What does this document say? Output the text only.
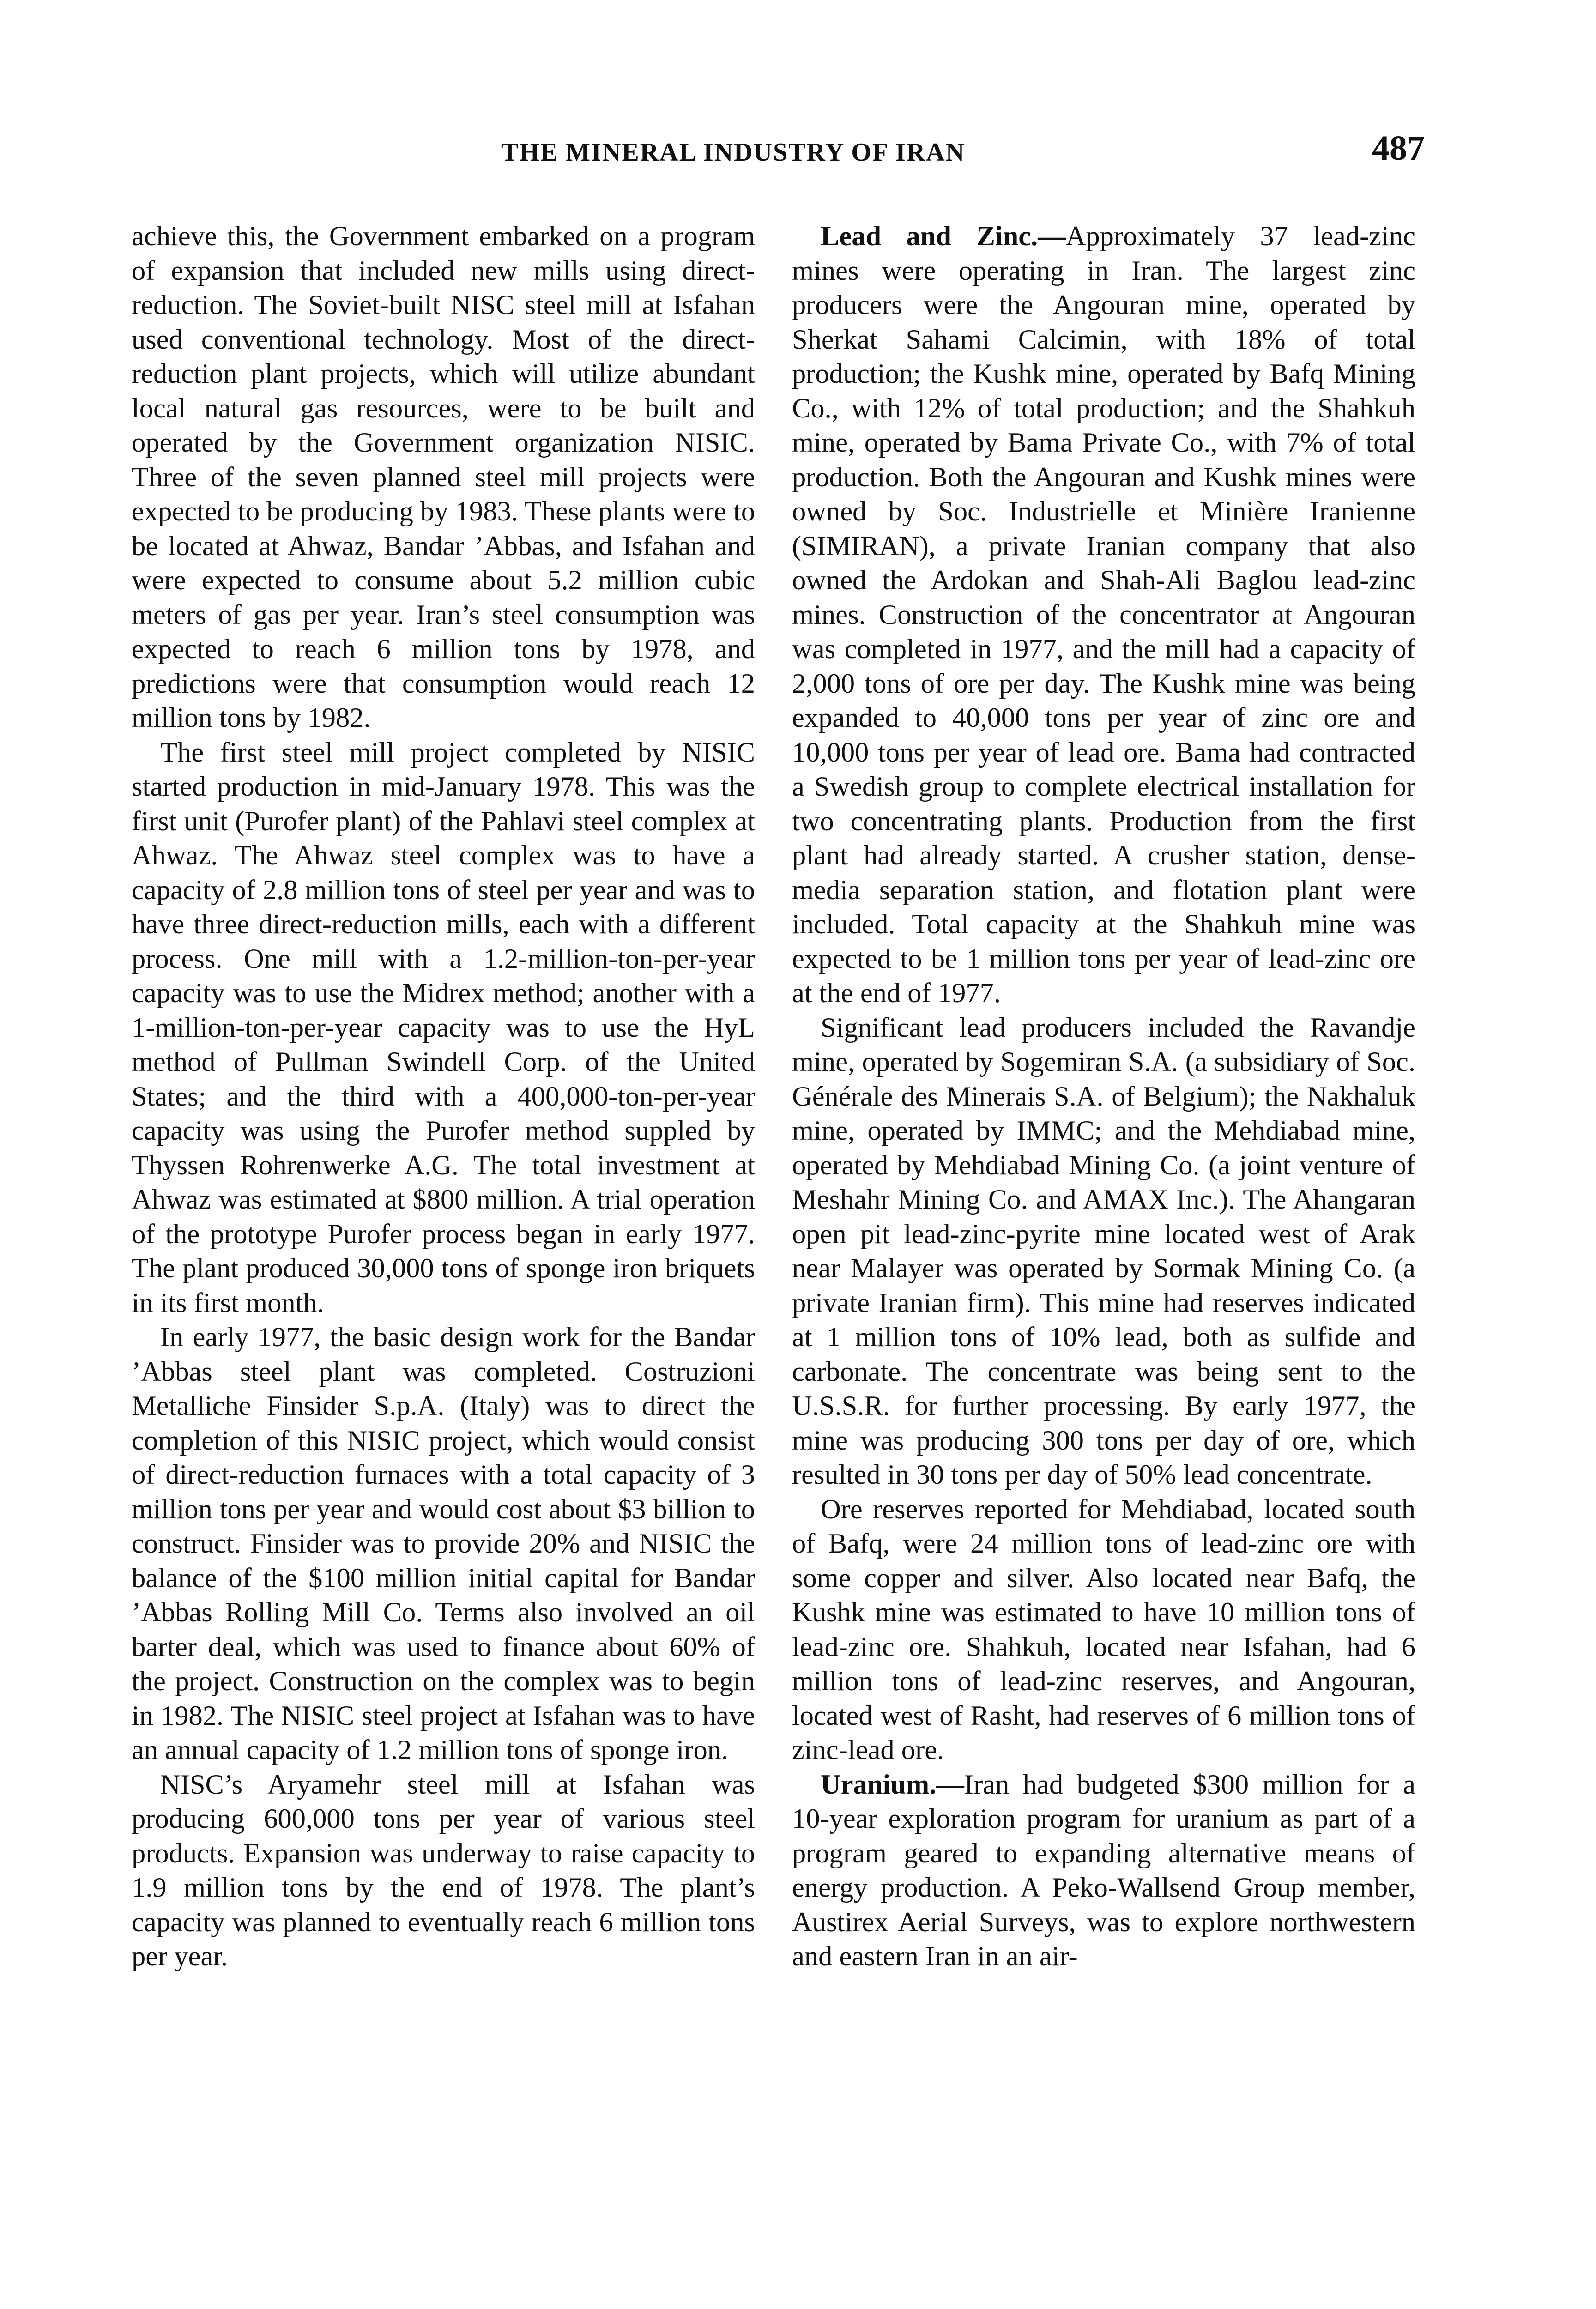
THE MINERAL INDUSTRY OF IRAN	487

achieve this, the Government embarked on a program of expansion that included new mills using direct-reduction. The Soviet-built NISC steel mill at Isfahan used conventional technology. Most of the direct-reduction plant projects, which will utilize abundant local natural gas resources, were to be built and operated by the Government organization NISIC. Three of the seven planned steel mill projects were expected to be producing by 1983. These plants were to be located at Ahwaz, Bandar ’Abbas, and Isfahan and were expected to consume about 5.2 million cubic meters of gas per year. Iran’s steel consumption was expected to reach 6 million tons by 1978, and predictions were that consumption would reach 12 million tons by 1982.

The first steel mill project completed by NISIC started production in mid-January 1978. This was the first unit (Purofer plant) of the Pahlavi steel complex at Ahwaz. The Ahwaz steel complex was to have a capacity of 2.8 million tons of steel per year and was to have three direct-reduction mills, each with a different process. One mill with a 1.2-million-ton-per-year capacity was to use the Midrex method; another with a 1-million-ton-per-year capacity was to use the HyL method of Pullman Swindell Corp. of the United States; and the third with a 400,000-ton-per-year capacity was using the Purofer method suppled by Thyssen Rohrenwerke A.G. The total investment at Ahwaz was estimated at $800 million. A trial operation of the prototype Purofer process began in early 1977. The plant produced 30,000 tons of sponge iron briquets in its first month.

In early 1977, the basic design work for the Bandar ’Abbas steel plant was completed. Costruzioni Metalliche Finsider S.p.A. (Italy) was to direct the completion of this NISIC project, which would consist of direct-reduction furnaces with a total capacity of 3 million tons per year and would cost about $3 billion to construct. Finsider was to provide 20% and NISIC the balance of the $100 million initial capital for Bandar ’Abbas Rolling Mill Co. Terms also involved an oil barter deal, which was used to finance about 60% of the project. Construction on the complex was to begin in 1982. The NISIC steel project at Isfahan was to have an annual capacity of 1.2 million tons of sponge iron.

NISC’s Aryamehr steel mill at Isfahan was producing 600,000 tons per year of various steel products. Expansion was underway to raise capacity to 1.9 million tons by the end of 1978. The plant’s capacity was planned to eventually reach 6 million tons per year.

Lead and Zinc.—Approximately 37 lead-zinc mines were operating in Iran. The largest zinc producers were the Angouran mine, operated by Sherkat Sahami Calcimin, with 18% of total production; the Kushk mine, operated by Bafq Mining Co., with 12% of total production; and the Shahkuh mine, operated by Bama Private Co., with 7% of total production. Both the Angouran and Kushk mines were owned by Soc. Industrielle et Minière Iranienne (SIMIRAN), a private Iranian company that also owned the Ardokan and Shah-Ali Baglou lead-zinc mines. Construction of the concentrator at Angouran was completed in 1977, and the mill had a capacity of 2,000 tons of ore per day. The Kushk mine was being expanded to 40,000 tons per year of zinc ore and 10,000 tons per year of lead ore. Bama had contracted a Swedish group to complete electrical installation for two concentrating plants. Production from the first plant had already started. A crusher station, dense-media separation station, and flotation plant were included. Total capacity at the Shahkuh mine was expected to be 1 million tons per year of lead-zinc ore at the end of 1977.

Significant lead producers included the Ravandje mine, operated by Sogemiran S.A. (a subsidiary of Soc. Générale des Minerais S.A. of Belgium); the Nakhaluk mine, operated by IMMC; and the Mehdiabad mine, operated by Mehdiabad Mining Co. (a joint venture of Meshahr Mining Co. and AMAX Inc.). The Ahangaran open pit lead-zinc-pyrite mine located west of Arak near Malayer was operated by Sormak Mining Co. (a private Iranian firm). This mine had reserves indicated at 1 million tons of 10% lead, both as sulfide and carbonate. The concentrate was being sent to the U.S.S.R. for further processing. By early 1977, the mine was producing 300 tons per day of ore, which resulted in 30 tons per day of 50% lead concentrate.

Ore reserves reported for Mehdiabad, located south of Bafq, were 24 million tons of lead-zinc ore with some copper and silver. Also located near Bafq, the Kushk mine was estimated to have 10 million tons of lead-zinc ore. Shahkuh, located near Isfahan, had 6 million tons of lead-zinc reserves, and Angouran, located west of Rasht, had reserves of 6 million tons of zinc-lead ore.

Uranium.—Iran had budgeted $300 million for a 10-year exploration program for uranium as part of a program geared to expanding alternative means of energy production. A Peko-Wallsend Group member, Austirex Aerial Surveys, was to explore northwestern and eastern Iran in an air-
